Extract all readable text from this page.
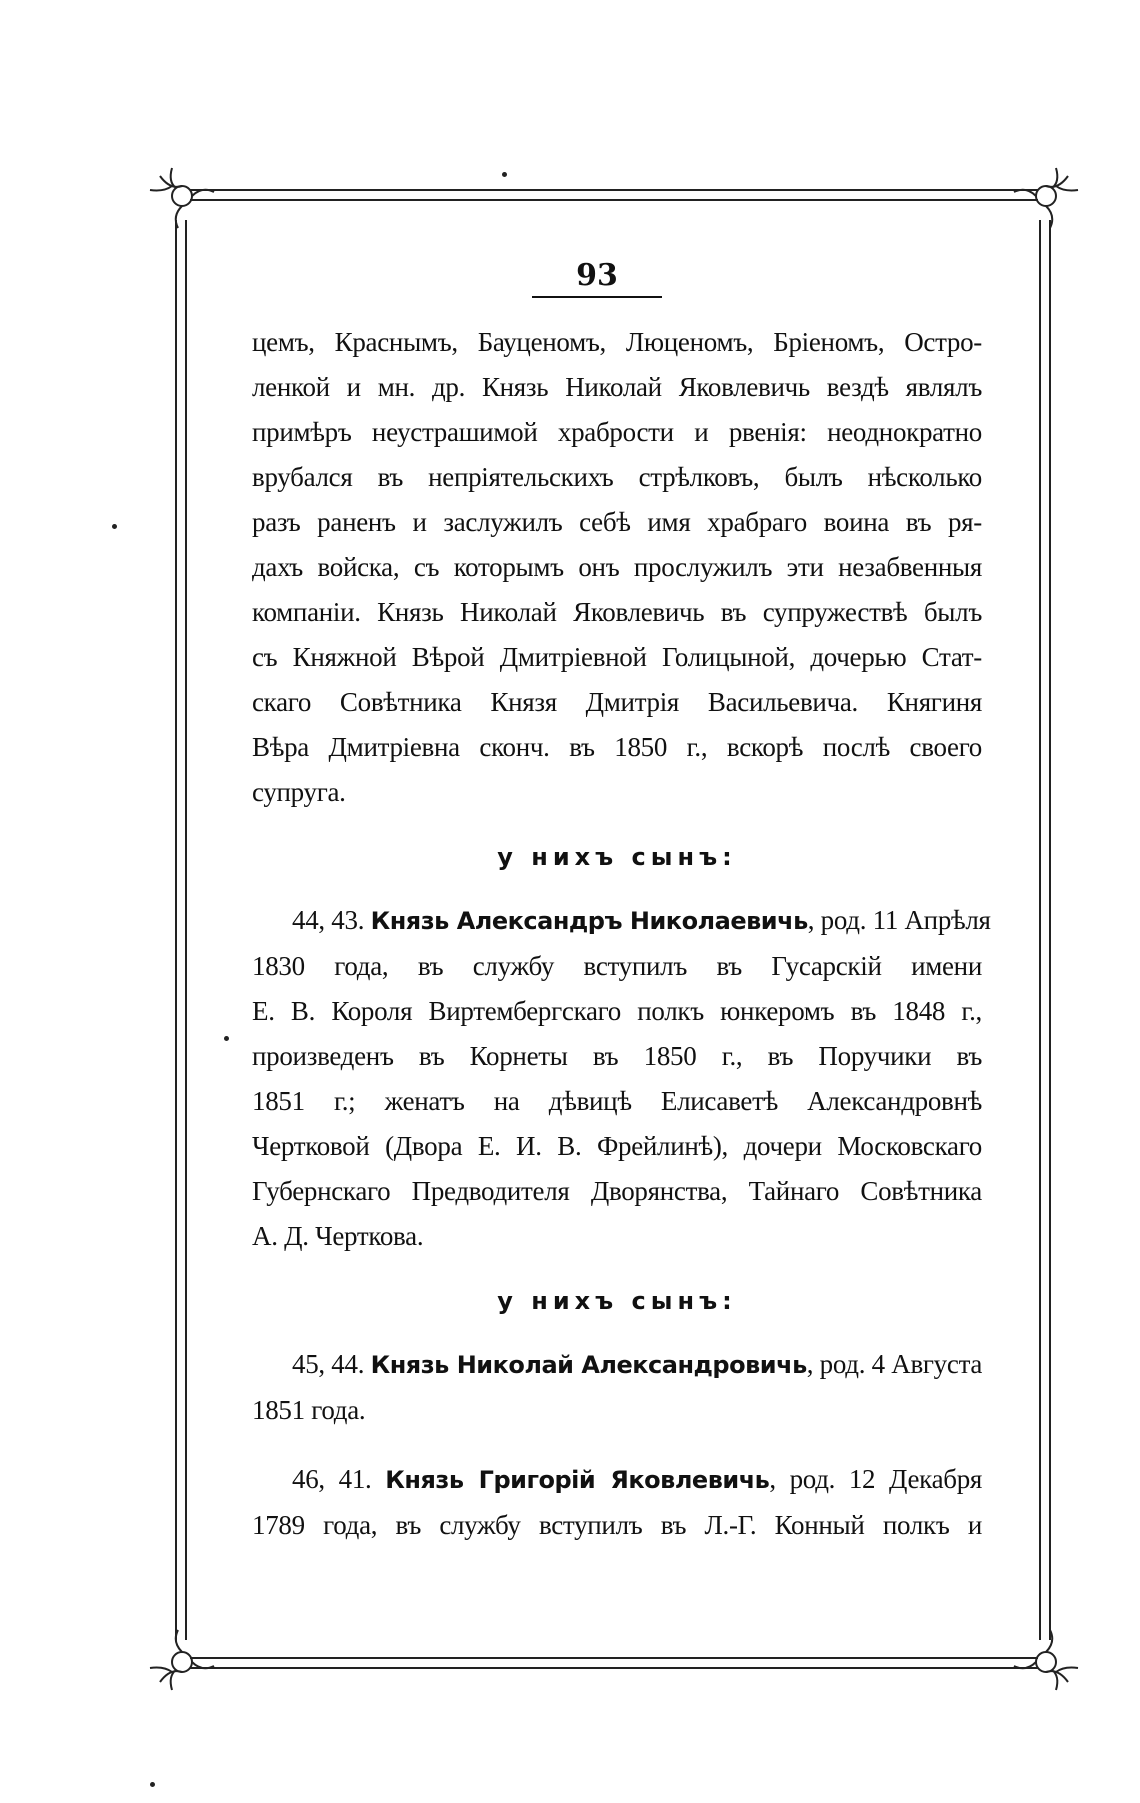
93
цемъ, Краснымъ, Бауценомъ, Люценомъ, Бріеномъ, Остро-
ленкой и мн. др. Князь Николай Яковлевичь вездѣ являлъ
примѣръ неустрашимой храбрости и рвенія: неоднократно
врубался въ непріятельскихъ стрѣлковъ, былъ нѣсколько
разъ раненъ и заслужилъ себѣ имя храбраго воина въ ря-
дахъ войска, съ которымъ онъ прослужилъ эти незабвенныя
компаніи. Князь Николай Яковлевичь въ супружествѣ былъ
съ Княжной Вѣрой Дмитріевной Голицыной, дочерью Стат-
скаго Совѣтника Князя Дмитрія Васильевича. Княгиня
Вѣра Дмитріевна сконч. въ 1850 г., вскорѣ послѣ своего
супруга.
у нихъ сынъ:
44, 43. Князь Александръ Николаевичь, род. 11 Апрѣля
1830 года, въ службу вступилъ въ Гусарскій имени
Е. В. Короля Виртембергскаго полкъ юнкеромъ въ 1848 г.,
произведенъ въ Корнеты въ 1850 г., въ Поручики въ
1851 г.; женатъ на дѣвицѣ Елисаветѣ Александровнѣ
Чертковой (Двора Е. И. В. Фрейлинѣ), дочери Московскаго
Губернскаго Предводителя Дворянства, Тайнаго Совѣтника
А. Д. Черткова.
у нихъ сынъ:
45, 44. Князь Николай Александровичь, род. 4 Августа
1851 года.
46, 41. Князь Григорій Яковлевичь, род. 12 Декабря
1789 года, въ службу вступилъ въ Л.-Г. Конный полкъ и
